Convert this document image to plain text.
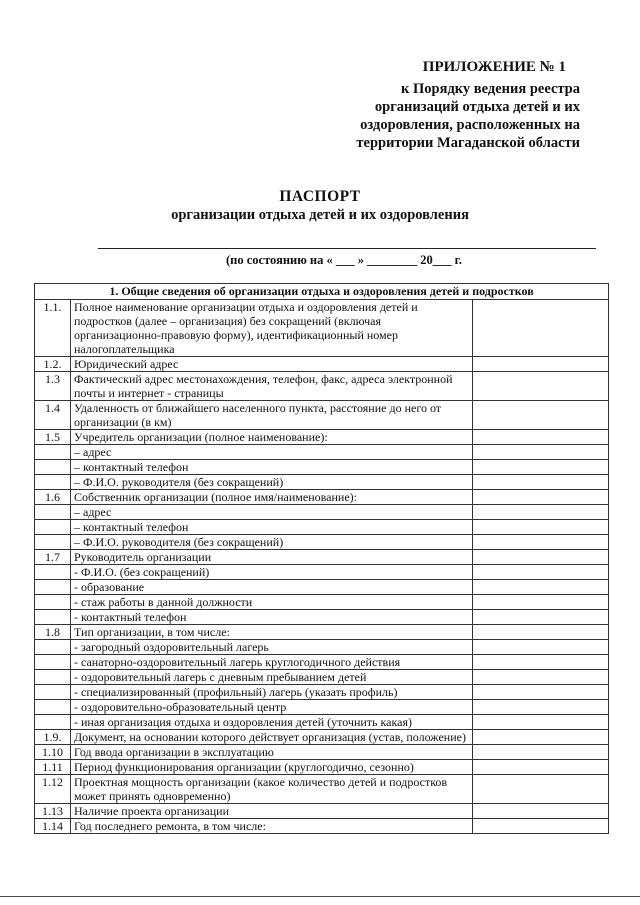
ПРИЛОЖЕНИЕ № 1
к Порядку ведения реестра
организаций отдыха детей и их
оздоровления, расположенных на
территории Магаданской области
ПАСПОРТ
организации отдыха детей и их оздоровления
(по состоянию на « ___ » ________ 20___ г.
1. Общие сведения об организации отдыха и оздоровления детей и подростков		
1.1.	Полное наименование организации отдыха и оздоровления детей и подростков (далее – организация) без сокращений (включая организационно-правовую форму), идентификационный номер налогоплательщика	
1.2.	Юридический адрес	
1.3	Фактический адрес местонахождения, телефон, факс, адреса электронной почты и интернет - страницы	
1.4	Удаленность от ближайшего населенного пункта, расстояние до него от организации (в км)	
1.5	Учредитель организации (полное наименование):	
	– адрес	
	– контактный телефон	
	– Ф.И.О. руководителя (без сокращений)	
1.6	Собственник организации (полное имя/наименование):	
	– адрес	
	– контактный телефон	
	– Ф.И.О. руководителя (без сокращений)	
1.7	Руководитель организации	
	- Ф.И.О. (без сокращений)	
	- образование	
	- стаж работы в данной должности	
	- контактный телефон	
1.8	Тип организации, в том числе:	
	- загородный оздоровительный лагерь	
	- санаторно-оздоровительный лагерь круглогодичного действия	
	- оздоровительный лагерь с дневным пребыванием детей	
	- специализированный (профильный) лагерь (указать профиль)	
	- оздоровительно-образовательный центр	
	- иная организация отдыха и оздоровления детей (уточнить какая)	
1.9.	Документ, на основании которого действует организация (устав, положение)	
1.10	Год ввода организации в эксплуатацию	
1.11	Период функционирования организации (круглогодично, сезонно)	
1.12	Проектная мощность организации (какое количество детей и подростков может принять одновременно)	
1.13	Наличие проекта организации	
1.14	Год последнего ремонта, в том числе:	
